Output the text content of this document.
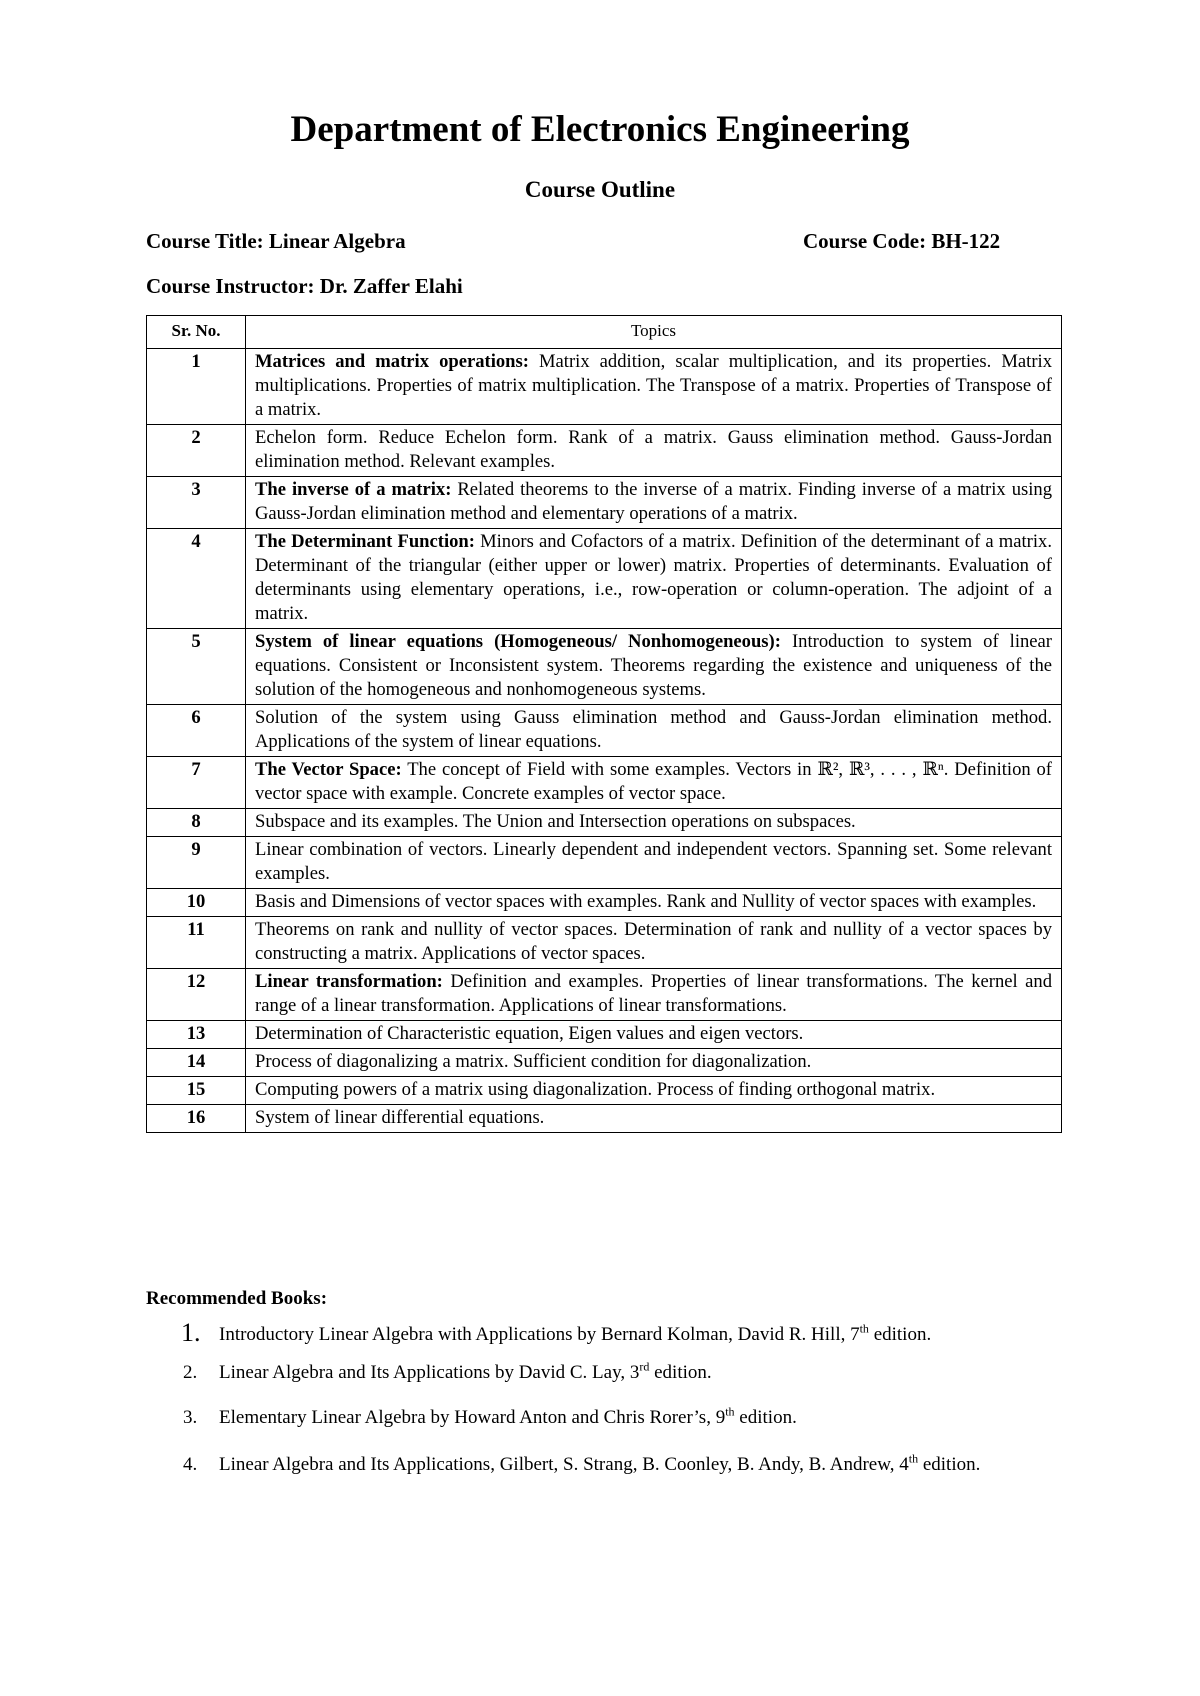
Department of Electronics Engineering
Course Outline
Course Title: Linear Algebra	Course Code: BH-122
Course Instructor: Dr. Zaffer Elahi
Sr. No.	Topics
1	Matrices and matrix operations: Matrix addition, scalar multiplication, and its properties. Matrix multiplications. Properties of matrix multiplication. The Transpose of a matrix. Properties of Transpose of a matrix.
2	Echelon form. Reduce Echelon form. Rank of a matrix. Gauss elimination method. Gauss-Jordan elimination method. Relevant examples.
3	The inverse of a matrix: Related theorems to the inverse of a matrix. Finding inverse of a matrix using Gauss-Jordan elimination method and elementary operations of a matrix.
4	The Determinant Function: Minors and Cofactors of a matrix. Definition of the determinant of a matrix. Determinant of the triangular (either upper or lower) matrix. Properties of determinants. Evaluation of determinants using elementary operations, i.e., row-operation or column-operation. The adjoint of a matrix.
5	System of linear equations (Homogeneous/ Nonhomogeneous): Introduction to system of linear equations. Consistent or Inconsistent system. Theorems regarding the existence and uniqueness of the solution of the homogeneous and nonhomogeneous systems.
6	Solution of the system using Gauss elimination method and Gauss-Jordan elimination method. Applications of the system of linear equations.
7	The Vector Space: The concept of Field with some examples. Vectors in ℝ², ℝ³, . . . , ℝⁿ. Definition of vector space with example. Concrete examples of vector space.
8	Subspace and its examples. The Union and Intersection operations on subspaces.
9	Linear combination of vectors. Linearly dependent and independent vectors. Spanning set. Some relevant examples.
10	Basis and Dimensions of vector spaces with examples. Rank and Nullity of vector spaces with examples.
11	Theorems on rank and nullity of vector spaces. Determination of rank and nullity of a vector spaces by constructing a matrix. Applications of vector spaces.
12	Linear transformation: Definition and examples. Properties of linear transformations. The kernel and range of a linear transformation. Applications of linear transformations.
13	Determination of Characteristic equation, Eigen values and eigen vectors.
14	Process of diagonalizing a matrix. Sufficient condition for diagonalization.
15	Computing powers of a matrix using diagonalization. Process of finding orthogonal matrix.
16	System of linear differential equations.
Recommended Books:
1. Introductory Linear Algebra with Applications by Bernard Kolman, David R. Hill, 7th edition.
2. Linear Algebra and Its Applications by David C. Lay, 3rd edition.
3. Elementary Linear Algebra by Howard Anton and Chris Rorer’s, 9th edition.
4. Linear Algebra and Its Applications, Gilbert, S. Strang, B. Coonley, B. Andy, B. Andrew, 4th edition.
